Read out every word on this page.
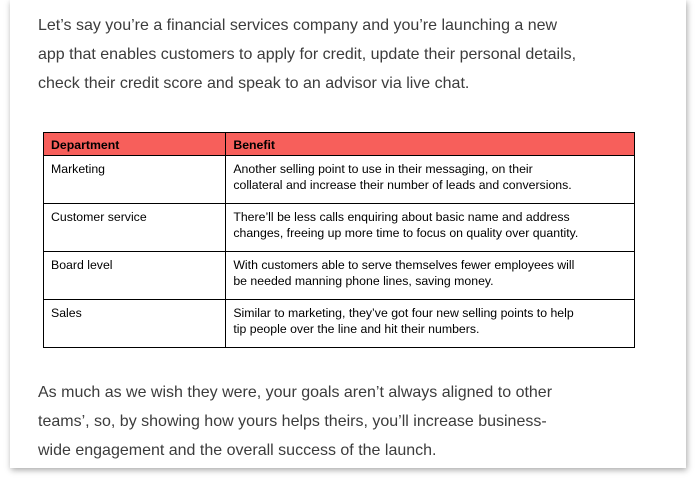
Let’s say you’re a financial services company and you’re launching a new
app that enables customers to apply for credit, update their personal details,
check their credit score and speak to an advisor via live chat.

Department	Benefit
Marketing	Another selling point to use in their messaging, on their
collateral and increase their number of leads and conversions.

Customer service	There’ll be less calls enquiring about basic name and address
changes, freeing up more time to focus on quality over quantity.

Board level	With customers able to serve themselves fewer employees will
be needed manning phone lines, saving money.

Sales	Similar to marketing, they’ve got four new selling points to help
tip people over the line and hit their numbers.

As much as we wish they were, your goals aren’t always aligned to other
teams’, so, by showing how yours helps theirs, you’ll increase business-
wide engagement and the overall success of the launch.
